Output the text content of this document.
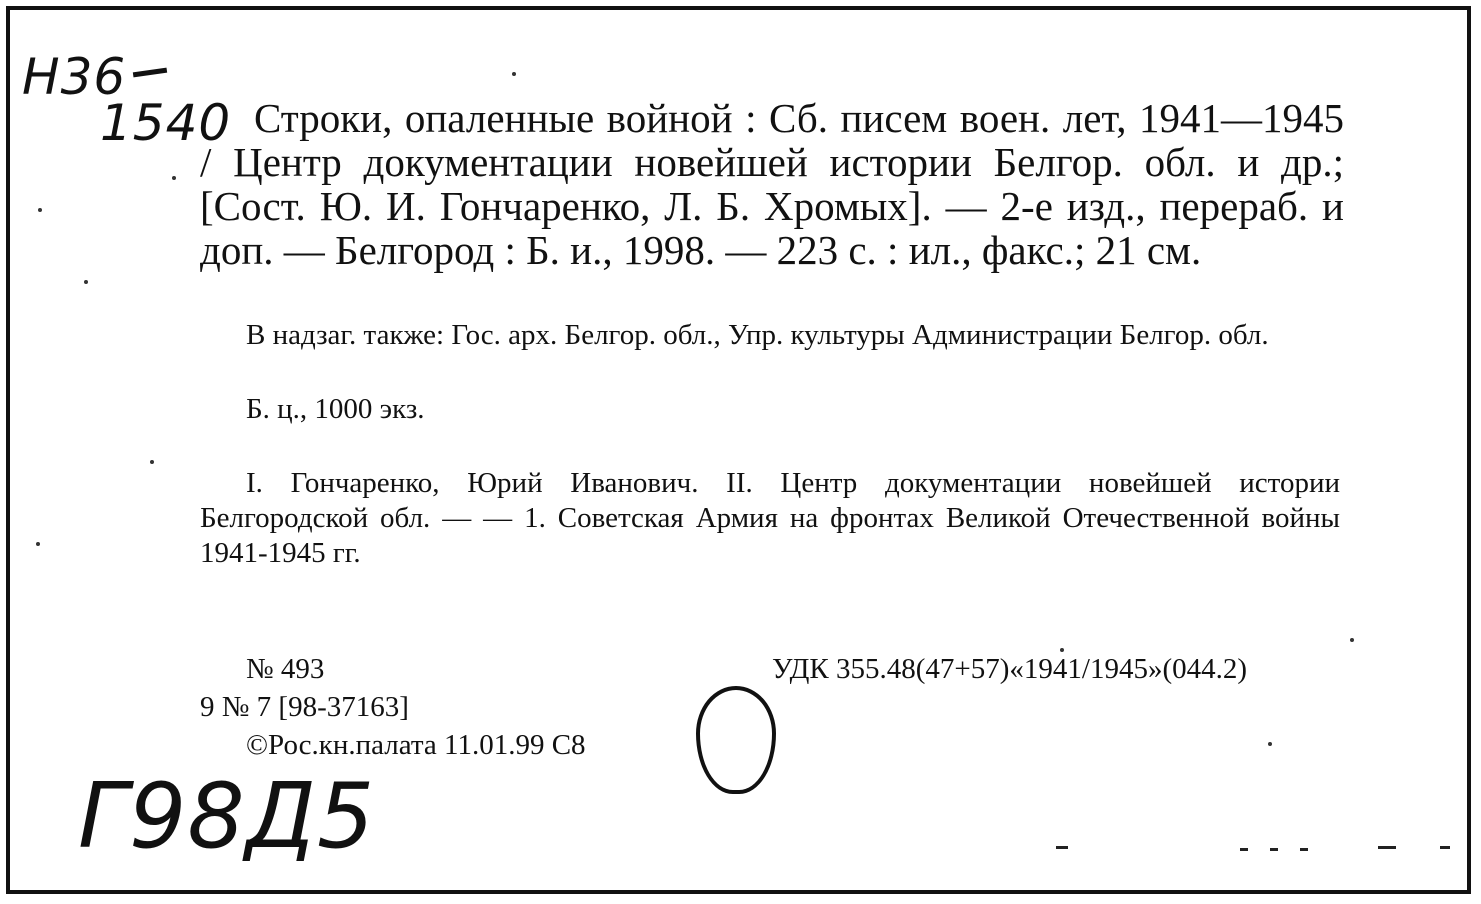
Н36
1540 Строки, опаленные войной : Сб. писем воен. лет, 1941—1945 / Центр документации новейшей истории Белгор. обл. и др.; [Сост. Ю. И. Гончаренко, Л. Б. Хромых]. — 2-е изд., перераб. и доп. — Белгород : Б. и., 1998. — 223 с. : ил., факс.; 21 см.
В надзаг. также: Гос. арх. Белгор. обл., Упр. культуры Администрации Белгор. обл.
Б. ц., 1000 экз.
I. Гончаренко, Юрий Иванович. II. Центр документации новейшей истории Белгородской обл. — — 1. Советская Армия на фронтах Великой Отечественной войны 1941-1945 гг.
№ 493
9 № 7 [98-37163]
©Рос.кн.палата 11.01.99 С8
УДК 355.48(47+57)«1941/1945»(044.2)
Г98Д5
